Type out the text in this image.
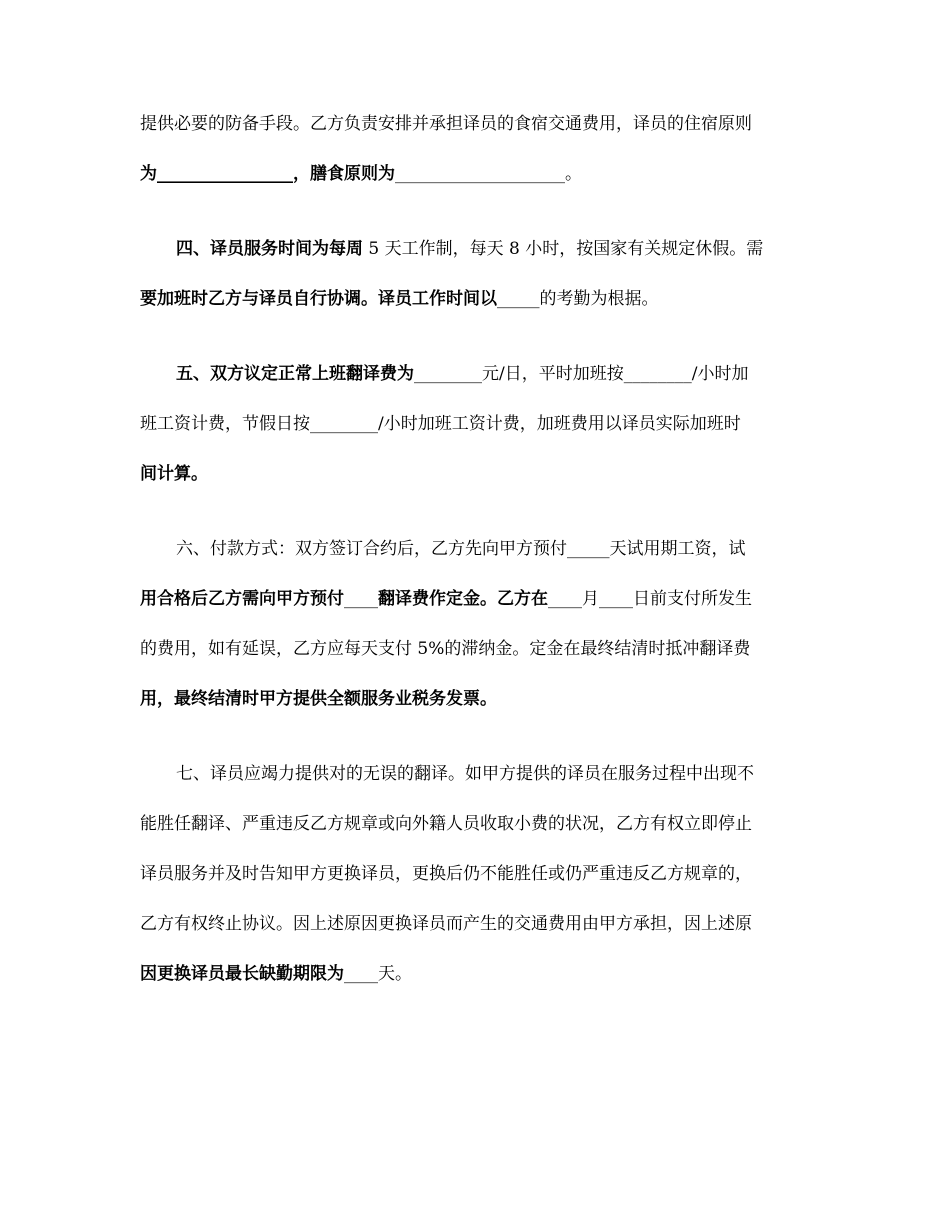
提供必要的防备手段。乙方负责安排并承担译员的食宿交通费用，译员的住宿原则
为________________，膳食原则为____________________。
四、译员服务时间为每周 5 天工作制，每天 8 小时，按国家有关规定休假。需
要加班时乙方与译员自行协调。译员工作时间以_____的考勤为根据。
五、双方议定正常上班翻译费为________元/日，平时加班按________/小时加
班工资计费，节假日按________/小时加班工资计费，加班费用以译员实际加班时
间计算。
六、付款方式：双方签订合约后，乙方先向甲方预付_____天试用期工资，试
用合格后乙方需向甲方预付____翻译费作定金。乙方在____月____日前支付所发生
的费用，如有延误，乙方应每天支付 5%的滞纳金。定金在最终结清时抵冲翻译费
用，最终结清时甲方提供全额服务业税务发票。
七、译员应竭力提供对的无误的翻译。如甲方提供的译员在服务过程中出现不
能胜任翻译、严重违反乙方规章或向外籍人员收取小费的状况，乙方有权立即停止
译员服务并及时告知甲方更换译员，更换后仍不能胜任或仍严重违反乙方规章的，
乙方有权终止协议。因上述原因更换译员而产生的交通费用由甲方承担，因上述原
因更换译员最长缺勤期限为____天。
